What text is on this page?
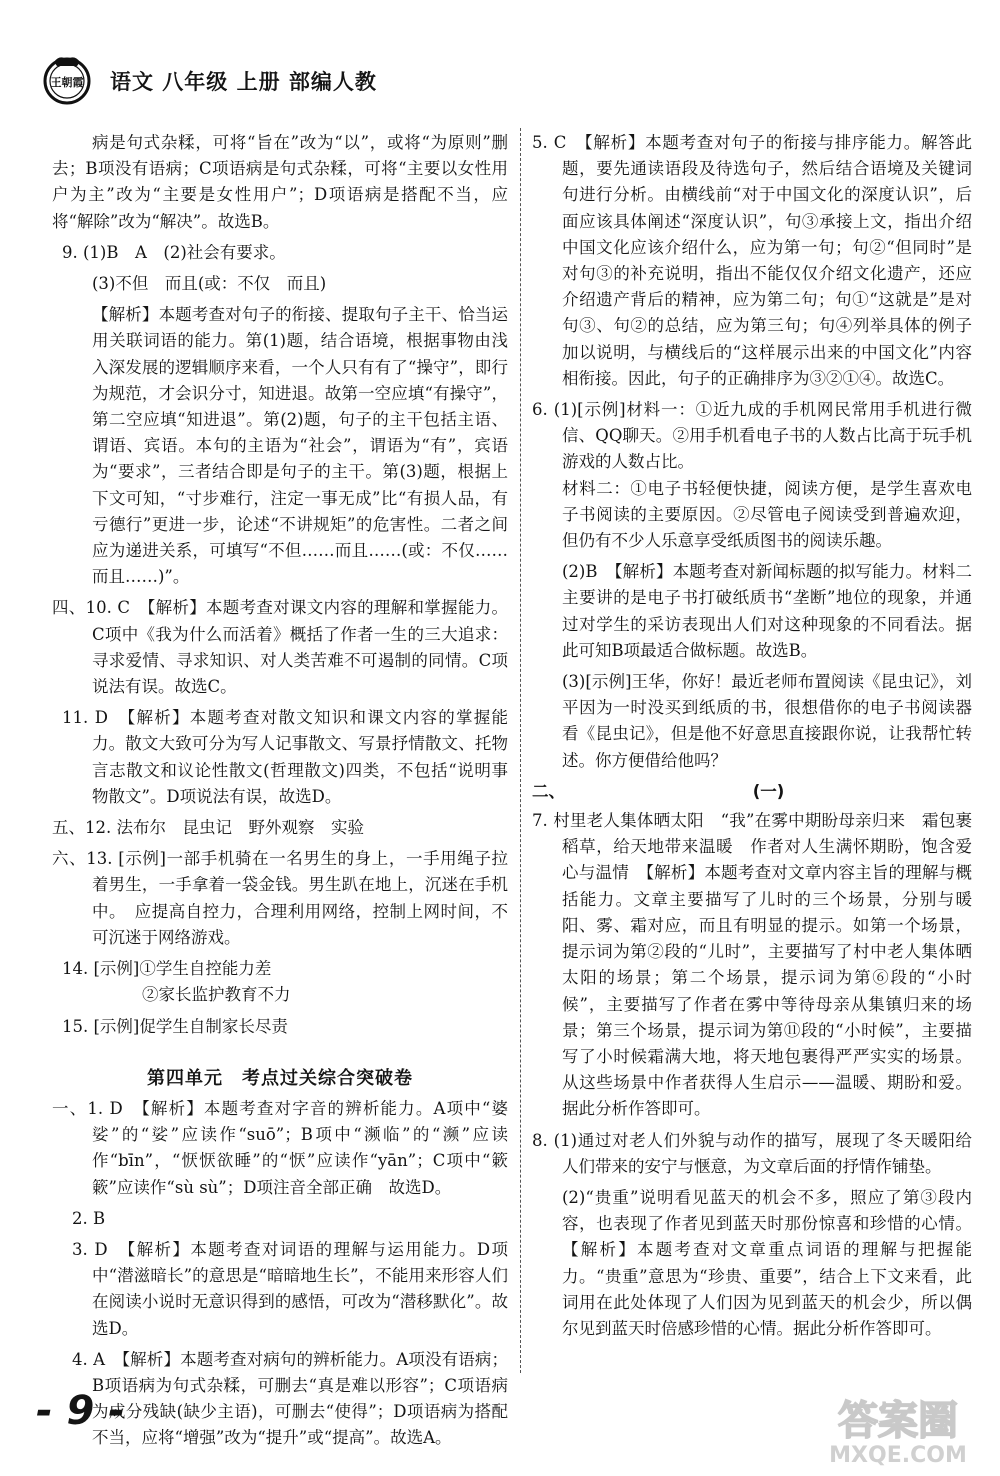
王朝霞 语文 八年级 上册 部编人教

病是句式杂糅，可将“旨在”改为“以”，或将“为原则”删去；B项没有语病；C项语病是句式杂糅，可将“主要以女性用户为主”改为“主要是女性用户”；D项语病是搭配不当，应将“解除”改为“解决”。故选B。

9. (1)B　A　(2)社会有要求。

(3)不但　而且(或：不仅　而且)

【解析】本题考查对句子的衔接、提取句子主干、恰当运用关联词语的能力。第(1)题，结合语境，根据事物由浅入深发展的逻辑顺序来看，一个人只有有了“操守”，即行为规范，才会识分寸，知进退。故第一空应填“有操守”，第二空应填“知进退”。第(2)题，句子的主干包括主语、谓语、宾语。本句的主语为“社会”，谓语为“有”，宾语为“要求”，三者结合即是句子的主干。第(3)题，根据上下文可知，“寸步难行，注定一事无成”比“有损人品，有亏德行”更进一步，论述“不讲规矩”的危害性。二者之间应为递进关系，可填写“不但……而且……(或：不仅……而且……)”。

四、10. C　【解析】本题考查对课文内容的理解和掌握能力。C项中《我为什么而活着》概括了作者一生的三大追求：寻求爱情、寻求知识、对人类苦难不可遏制的同情。C项说法有误。故选C。

11. D　【解析】本题考查对散文知识和课文内容的掌握能力。散文大致可分为写人记事散文、写景抒情散文、托物言志散文和议论性散文(哲理散文)四类，不包括“说明事物散文”。D项说法有误，故选D。

五、12. 法布尔　昆虫记　野外观察　实验

六、13. [示例]一部手机骑在一名男生的身上，一手用绳子拉着男生，一手拿着一袋金钱。男生趴在地上，沉迷在手机中。　应提高自控力，合理利用网络，控制上网时间，不可沉迷于网络游戏。

14. [示例]①学生自控能力差

②家长监护教育不力

15. [示例]促学生自制家长尽责

第四单元　考点过关综合突破卷

一、1. D　【解析】本题考查对字音的辨析能力。A项中“婆娑”的“娑”应读作“suō”；B项中“濒临”的“濒”应读作“bīn”，“恹恹欲睡”的“恹”应读作“yān”；C项中“簌簌”应读作“sù sù”；D项注音全部正确　故选D。

2. B

3. D　【解析】本题考查对词语的理解与运用能力。D项中“潜滋暗长”的意思是“暗暗地生长”，不能用来形容人们在阅读小说时无意识得到的感悟，可改为“潜移默化”。故选D。

4. A　【解析】本题考查对病句的辨析能力。A项没有语病；B项语病为句式杂糅，可删去“真是难以形容”；C项语病为成分残缺(缺少主语)，可删去“使得”；D项语病为搭配不当，应将“增强”改为“提升”或“提高”。故选A。

5. C　【解析】本题考查对句子的衔接与排序能力。解答此题，要先通读语段及待选句子，然后结合语境及关键词句进行分析。由横线前“对于中国文化的深度认识”，后面应该具体阐述“深度认识”，句③承接上文，指出介绍中国文化应该介绍什么，应为第一句；句②“但同时”是对句③的补充说明，指出不能仅仅介绍文化遗产，还应介绍遗产背后的精神，应为第二句；句①“这就是”是对句③、句②的总结，应为第三句；句④列举具体的例子加以说明，与横线后的“这样展示出来的中国文化”内容相衔接。因此，句子的正确排序为③②①④。故选C。

6. (1)[示例]材料一：①近九成的手机网民常用手机进行微信、QQ聊天。②用手机看电子书的人数占比高于玩手机游戏的人数占比。

材料二：①电子书轻便快捷，阅读方便，是学生喜欢电子书阅读的主要原因。②尽管电子阅读受到普遍欢迎，但仍有不少人乐意享受纸质图书的阅读乐趣。

(2)B　【解析】本题考查对新闻标题的拟写能力。材料二主要讲的是电子书打破纸质书“垄断”地位的现象，并通过对学生的采访表现出人们对这种现象的不同看法。据此可知B项最适合做标题。故选B。

(3)[示例]王华，你好！最近老师布置阅读《昆虫记》，刘平因为一时没买到纸质的书，很想借你的电子书阅读器看《昆虫记》，但是他不好意思直接跟你说，让我帮忙转述。你方便借给他吗？

二、	(一)

7. 村里老人集体晒太阳　“我”在雾中期盼母亲归来　霜包裹稻草，给天地带来温暖　作者对人生满怀期盼，饱含爱心与温情　【解析】本题考查对文章内容主旨的理解与概括能力。文章主要描写了儿时的三个场景，分别与暖阳、雾、霜对应，而且有明显的提示。如第一个场景，提示词为第②段的“儿时”，主要描写了村中老人集体晒太阳的场景；第二个场景，提示词为第⑥段的“小时候”，主要描写了作者在雾中等待母亲从集镇归来的场景；第三个场景，提示词为第⑪段的“小时候”，主要描写了小时候霜满大地，将天地包裹得严严实实的场景。从这些场景中作者获得人生启示——温暖、期盼和爱。据此分析作答即可。

8. (1)通过对老人们外貌与动作的描写，展现了冬天暖阳给人们带来的安宁与惬意，为文章后面的抒情作铺垫。

(2)“贵重”说明看见蓝天的机会不多，照应了第③段内容，也表现了作者见到蓝天时那份惊喜和珍惜的心情。【解析】本题考查对文章重点词语的理解与把握能力。“贵重”意思为“珍贵、重要”，结合上下文来看，此词用在此处体现了人们因为见到蓝天的机会少，所以偶尔见到蓝天时倍感珍惜的心情。据此分析作答即可。

- 9 -	答案圈
MXQE.COM
